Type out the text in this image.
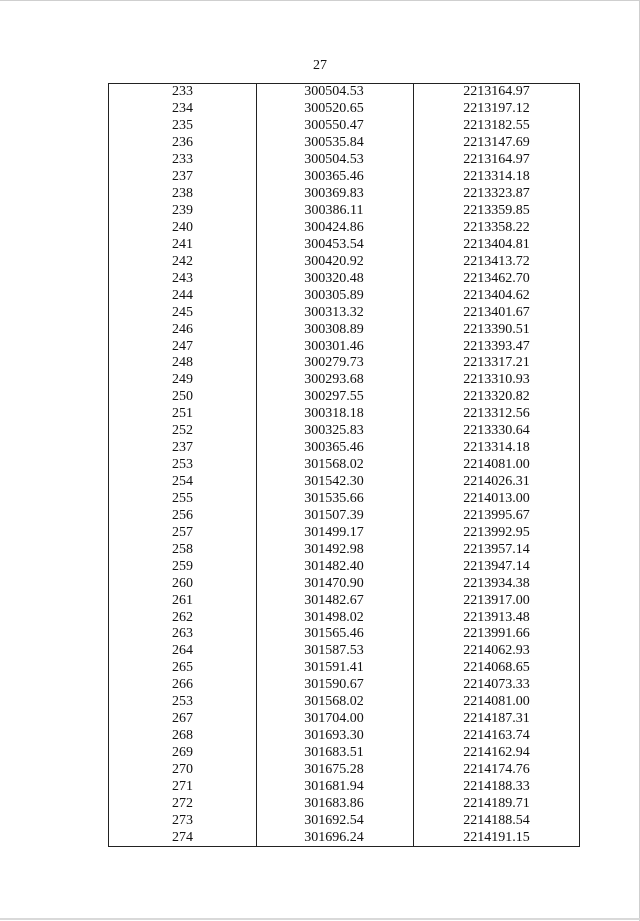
27
233	300504.53	2213164.97
234	300520.65	2213197.12
235	300550.47	2213182.55
236	300535.84	2213147.69
233	300504.53	2213164.97
237	300365.46	2213314.18
238	300369.83	2213323.87
239	300386.11	2213359.85
240	300424.86	2213358.22
241	300453.54	2213404.81
242	300420.92	2213413.72
243	300320.48	2213462.70
244	300305.89	2213404.62
245	300313.32	2213401.67
246	300308.89	2213390.51
247	300301.46	2213393.47
248	300279.73	2213317.21
249	300293.68	2213310.93
250	300297.55	2213320.82
251	300318.18	2213312.56
252	300325.83	2213330.64
237	300365.46	2213314.18
253	301568.02	2214081.00
254	301542.30	2214026.31
255	301535.66	2214013.00
256	301507.39	2213995.67
257	301499.17	2213992.95
258	301492.98	2213957.14
259	301482.40	2213947.14
260	301470.90	2213934.38
261	301482.67	2213917.00
262	301498.02	2213913.48
263	301565.46	2213991.66
264	301587.53	2214062.93
265	301591.41	2214068.65
266	301590.67	2214073.33
253	301568.02	2214081.00
267	301704.00	2214187.31
268	301693.30	2214163.74
269	301683.51	2214162.94
270	301675.28	2214174.76
271	301681.94	2214188.33
272	301683.86	2214189.71
273	301692.54	2214188.54
274	301696.24	2214191.15
